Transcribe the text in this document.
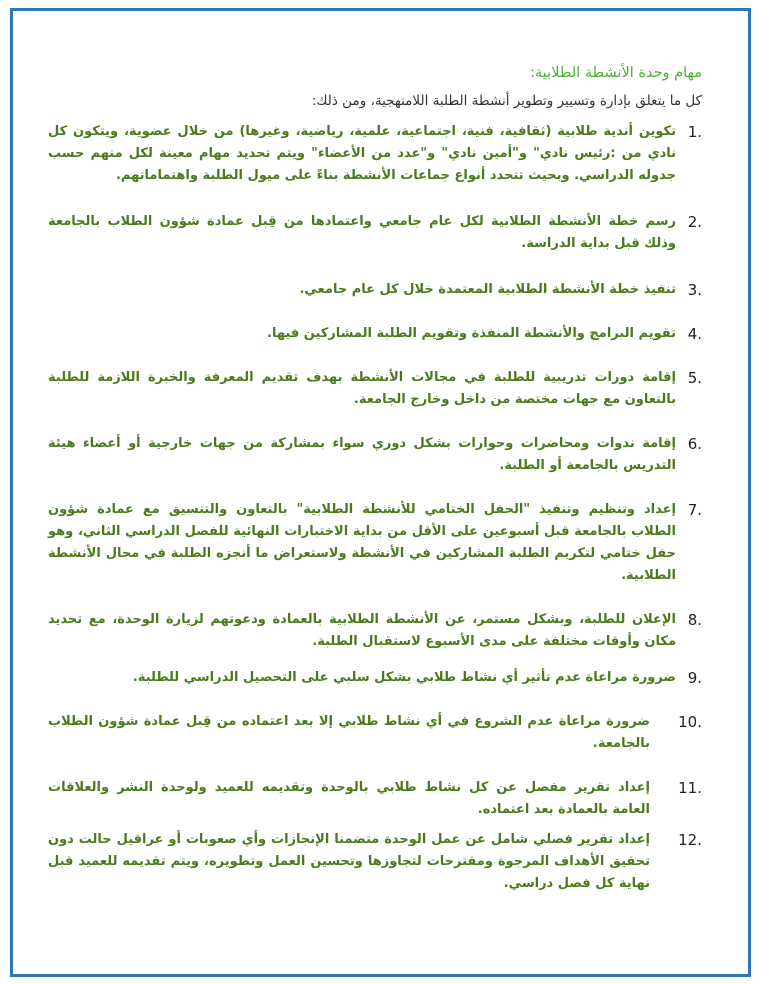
مهام وحدة الأنشطة الطلابية:

كل ما يتعلق بإدارة وتسيير وتطوير أنشطة الطلبة اللامنهجية، ومن ذلك:

1.
تكوين أندية طلابية (ثقافية، فنية، اجتماعية، علمية، رياضية، وغيرها) من خلال عضوية، ويتكون كل نادي من :رئيس نادي" و"أمين نادي" و"عدد من الأعضاء" ويتم تحديد مهام معينة لكل منهم حسب جدوله الدراسي. وبحيث تتحدد أنواع جماعات الأنشطة بناءً على ميول الطلبة واهتماماتهم.
2.
رسم خطة الأنشطة الطلابية لكل عام جامعي واعتمادها من قِبل عمادة شؤون الطلاب بالجامعة وذلك قبل بداية الدراسة.
3.
تنفيذ خطة الأنشطة الطلابية المعتمدة خلال كل عام جامعي.
4.
تقويم البرامج والأنشطة المنفذة وتقويم الطلبة المشاركين فيها.
5.
إقامة دورات تدريبية للطلبة في مجالات الأنشطة بهدف تقديم المعرفة والخبرة اللازمة للطلبة بالتعاون مع جهات مختصة من داخل وخارج الجامعة.
6.
إقامة ندوات ومحاضرات وحوارات بشكل دوري سواء بمشاركة من جهات خارجية أو أعضاء هيئة التدريس بالجامعة أو الطلبة.
7.
إعداد وتنظيم وتنفيذ "الحفل الختامي للأنشطة الطلابية" بالتعاون والتنسيق مع عمادة شؤون الطلاب بالجامعة قبل أسبوعين على الأقل من بداية الاختبارات النهائية للفصل الدراسي الثاني، وهو حفل ختامي لتكريم الطلبة المشاركين في الأنشطة ولاستعراض ما أنجزه الطلبة في مجال الأنشطة الطلابية.
8.
الإعلان للطلبة، وبشكل مستمر، عن الأنشطة الطلابية بالعمادة ودعوتهم لزيارة الوحدة، مع تحديد مكان وأوقات مختلفة على مدى الأسبوع لاستقبال الطلبة.
9.
ضرورة مراعاة عدم تأثير أي نشاط طلابي بشكل سلبي على التحصيل الدراسي للطلبة.
10.
ضرورة مراعاة عدم الشروع في أي نشاط طلابي إلا بعد اعتماده من قِبل عمادة شؤون الطلاب بالجامعة.
11.
إعداد تقرير مفصل عن كل نشاط طلابي بالوحدة وتقديمه للعميد ولوحدة النشر والعلاقات العامة بالعمادة بعد اعتماده.
12.
إعداد تقرير فصلي شامل عن عمل الوحدة متضمنا الإنجازات وأي صعوبات أو عراقيل حالت دون تحقيق الأهداف المرجوة ومقترحات لتجاوزها وتحسين العمل وتطويره، ويتم تقديمه للعميد قبل نهاية كل فصل دراسي.
